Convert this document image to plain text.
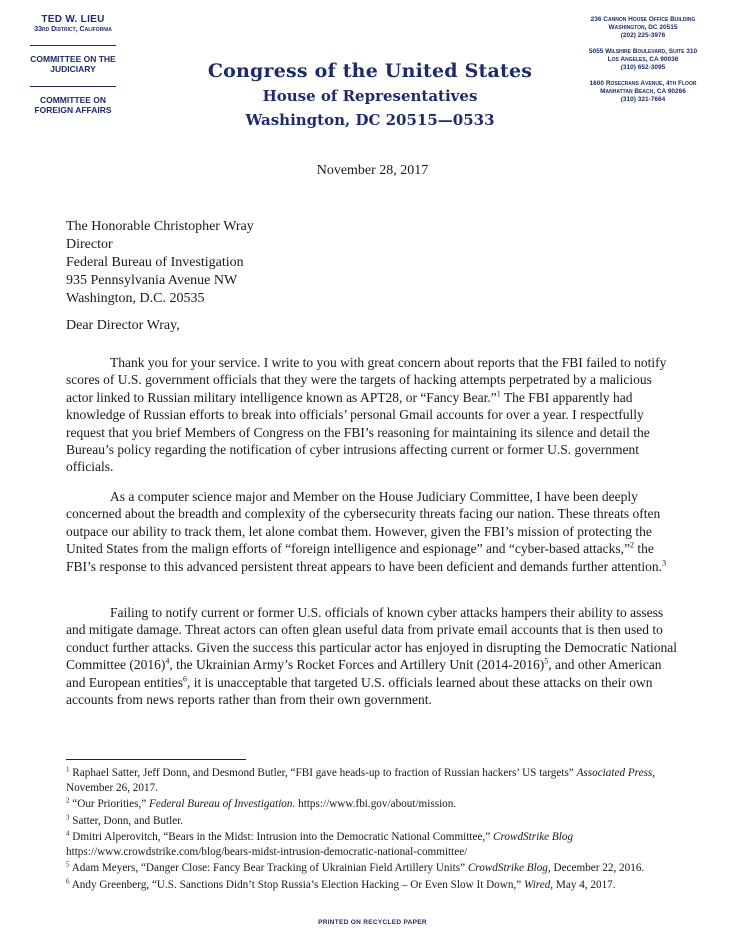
TED W. LIEU
33rd District, California
COMMITTEE ON THE JUDICIARY
COMMITTEE ON FOREIGN AFFAIRS
Congress of the United States
House of Representatives
Washington, DC 20515—0533
236 Cannon House Office Building
Washington, DC 20515
(202) 225-3976
5055 Wilshire Boulevard, Suite 310
Los Angeles, CA 90036
(310) 652-3095
1600 Rosecrans Avenue, 4th Floor
Manhattan Beach, CA 90266
(310) 321-7664
November 28, 2017
The Honorable Christopher Wray
Director
Federal Bureau of Investigation
935 Pennsylvania Avenue NW
Washington, D.C. 20535
Dear Director Wray,

Thank you for your service. I write to you with great concern about reports that the FBI failed to notify scores of U.S. government officials that they were the targets of hacking attempts perpetrated by a malicious actor linked to Russian military intelligence known as APT28, or “Fancy Bear.”$^1$ The FBI apparently had knowledge of Russian efforts to break into officials’ personal Gmail accounts for over a year. I respectfully request that you brief Members of Congress on the FBI’s reasoning for maintaining its silence and detail the Bureau’s policy regarding the notification of cyber intrusions affecting current or former U.S. government officials.

As a computer science major and Member on the House Judiciary Committee, I have been deeply concerned about the breadth and complexity of the cybersecurity threats facing our nation. These threats often outpace our ability to track them, let alone combat them. However, given the FBI’s mission of protecting the United States from the malign efforts of “foreign intelligence and espionage” and “cyber-based attacks,”$^2$ the FBI’s response to this advanced persistent threat appears to have been deficient and demands further attention.$^3$

Failing to notify current or former U.S. officials of known cyber attacks hampers their ability to assess and mitigate damage. Threat actors can often glean useful data from private email accounts that is then used to conduct further attacks. Given the success this particular actor has enjoyed in disrupting the Democratic National Committee $(2016)^4$, the Ukrainian Army’s Rocket Forces and Artillery Unit (2014-2016)$^5$, and other American and European entities$^6$, it is unacceptable that targeted U.S. officials learned about these attacks on their own accounts from news reports rather than from their own government.

$^1$ Raphael Satter, Jeff Donn, and Desmond Butler, “FBI gave heads-up to fraction of Russian hackers’ US targets” Associated Press, November 26, 2017.
$^2$ “Our Priorities,” Federal Bureau of Investigation. https://www.fbi.gov/about/mission.
$^3$ Satter, Donn, and Butler.
$^4$ Dmitri Alperovitch, “Bears in the Midst: Intrusion into the Democratic National Committee,” CrowdStrike Blog https://www.crowdstrike.com/blog/bears-midst-intrusion-democratic-national-committee/
$^5$ Adam Meyers, “Danger Close: Fancy Bear Tracking of Ukrainian Field Artillery Units” CrowdStrike Blog, December 22, 2016.
$^6$ Andy Greenberg, “U.S. Sanctions Didn’t Stop Russia’s Election Hacking – Or Even Slow It Down,” Wired, May 4, 2017.
PRINTED ON RECYCLED PAPER
